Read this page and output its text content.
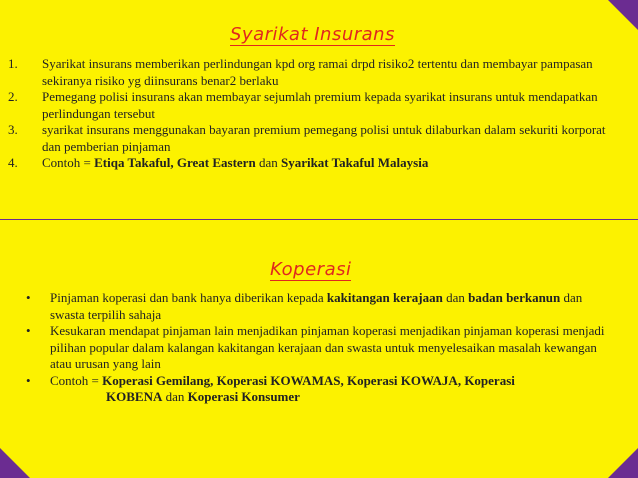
Syarikat Insurans
1.	Syarikat insurans memberikan perlindungan kpd org ramai drpd risiko2 tertentu dan membayar pampasan sekiranya risiko yg diinsurans benar2 berlaku
2.	Pemegang polisi insurans akan membayar sejumlah premium kepada syarikat insurans untuk mendapatkan perlindungan tersebut
3.	syarikat insurans menggunakan bayaran premium pemegang polisi untuk dilaburkan dalam sekuriti korporat dan pemberian pinjaman
4.	Contoh = Etiqa Takaful, Great Eastern dan Syarikat Takaful Malaysia
Koperasi
•	Pinjaman koperasi dan bank hanya diberikan kepada kakitangan kerajaan dan badan berkanun dan swasta terpilih sahaja
•	Kesukaran mendapat pinjaman lain menjadikan pinjaman koperasi menjadikan pinjaman koperasi menjadi pilihan popular dalam kalangan kakitangan kerajaan dan swasta untuk menyelesaikan masalah kewangan atau urusan yang lain
•	Contoh = Koperasi Gemilang, Koperasi KOWAMAS, Koperasi KOWAJA, Koperasi
KOBENA dan Koperasi Konsumer
